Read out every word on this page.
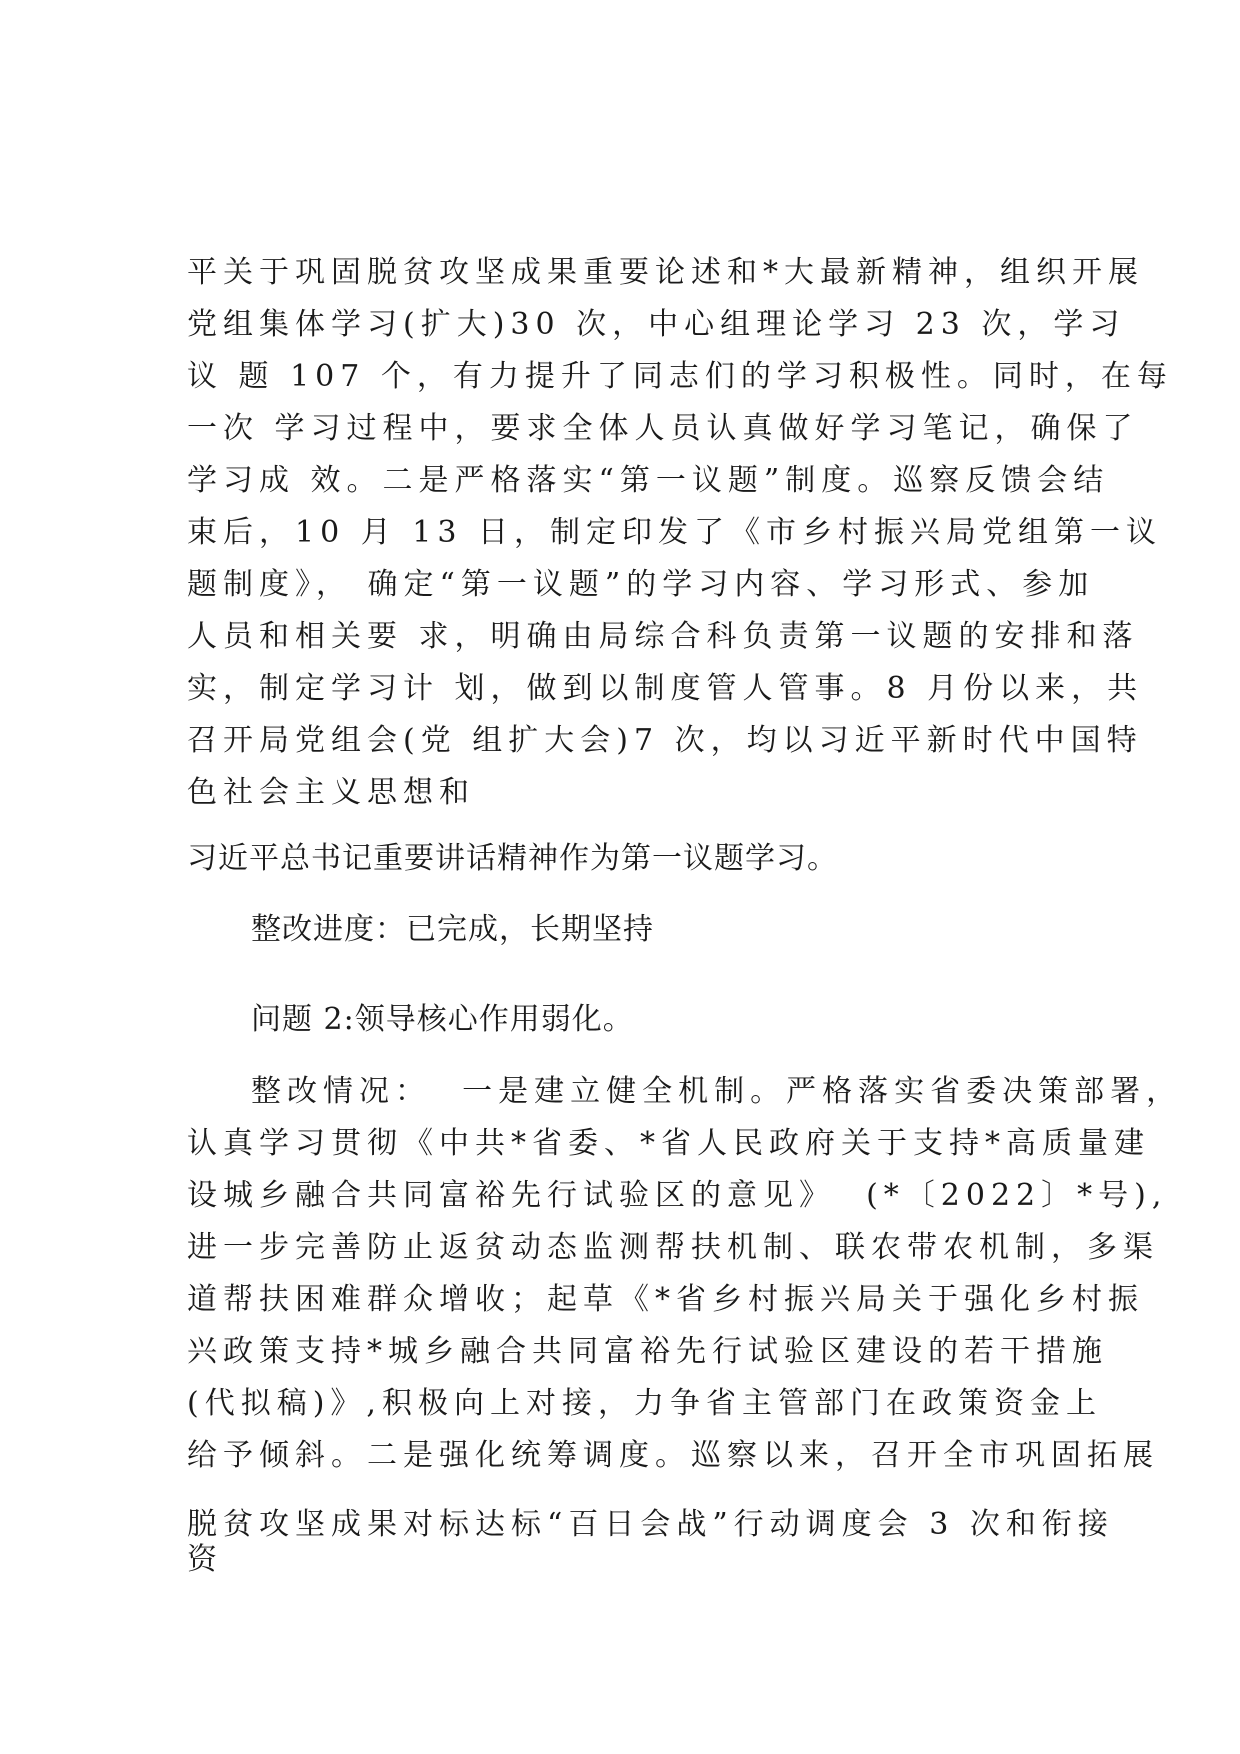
平关于巩固脱贫攻坚成果重要论述和*大最新精神，组织开展
党组集体学习(扩大)30 次，中心组理论学习 23 次，学习
议 题 107 个，有力提升了同志们的学习积极性。同时，在每
一次 学习过程中，要求全体人员认真做好学习笔记，确保了
学习成 效。二是严格落实“第一议题”制度。巡察反馈会结
束后，10 月 13 日，制定印发了《市乡村振兴局党组第一议
题制度》， 确定“第一议题”的学习内容、学习形式、参加
人员和相关要 求，明确由局综合科负责第一议题的安排和落
实，制定学习计 划，做到以制度管人管事。8 月份以来，共
召开局党组会(党 组扩大会)7 次，均以习近平新时代中国特
色社会主义思想和
习近平总书记重要讲话精神作为第一议题学习。
整改进度：已完成，长期坚持
问题 2:领导核心作用弱化。
整改情况：  一是建立健全机制。严格落实省委决策部署，
认真学习贯彻《中共*省委、*省人民政府关于支持*高质量建
设城乡融合共同富裕先行试验区的意见》  (*〔2022〕*号),
进一步完善防止返贫动态监测帮扶机制、联农带农机制，多渠
道帮扶困难群众增收；起草《*省乡村振兴局关于强化乡村振
兴政策支持*城乡融合共同富裕先行试验区建设的若干措施
(代拟稿)》,积极向上对接，力争省主管部门在政策资金上
给予倾斜。二是强化统筹调度。巡察以来，召开全市巩固拓展
脱贫攻坚成果对标达标“百日会战”行动调度会 3 次和衔接
资
